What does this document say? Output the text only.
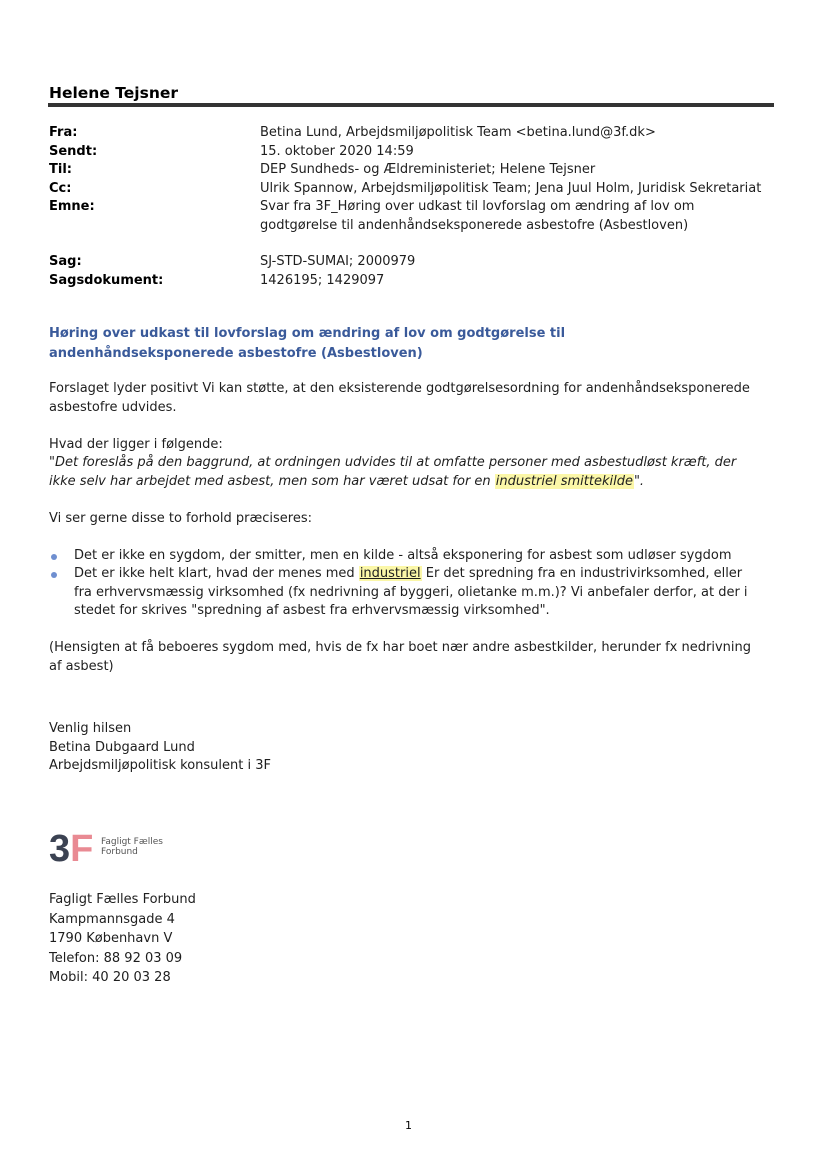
Helene Tejsner
Fra:	Betina Lund, Arbejdsmiljøpolitisk Team <betina.lund@3f.dk>
Sendt:	15. oktober 2020 14:59
Til:	DEP Sundheds- og Ældreministeriet; Helene Tejsner
Cc:	Ulrik Spannow, Arbejdsmiljøpolitisk Team; Jena Juul Holm, Juridisk Sekretariat
Emne:	Svar fra 3F_Høring over udkast til lovforslag om ændring af lov om godtgørelse til andenhåndseksponerede asbestofre (Asbestloven)
Sag:	SJ-STD-SUMAI; 2000979
Sagsdokument:	1426195; 1429097
Høring over udkast til lovforslag om ændring af lov om godtgørelse til andenhåndseksponerede asbestofre (Asbestloven)

Forslaget lyder positivt Vi kan støtte, at den eksisterende godtgørelsesordning for andenhåndseksponerede asbestofre udvides.

Hvad der ligger i følgende:
"Det foreslås på den baggrund, at ordningen udvides til at omfatte personer med asbestudløst kræft, der ikke selv har arbejdet med asbest, men som har været udsat for en industriel smittekilde".

Vi ser gerne disse to forhold præciseres:

Det er ikke en sygdom, der smitter, men en kilde - altså eksponering for asbest som udløser sygdom
Det er ikke helt klart, hvad der menes med industriel Er det spredning fra en industrivirksomhed, eller fra erhvervsmæssig virksomhed (fx nedrivning af byggeri, olietanke m.m.)? Vi anbefaler derfor, at der i stedet for skrives "spredning af asbest fra erhvervsmæssig virksomhed".

(Hensigten at få beboeres sygdom med, hvis de fx har boet nær andre asbestkilder, herunder fx nedrivning af asbest)

Venlig hilsen
Betina Dubgaard Lund
Arbejdsmiljøpolitisk konsulent i 3F
3F Fagligt Fælles
Forbund
Fagligt Fælles Forbund
Kampmannsgade 4
1790 København V
Telefon: 88 92 03 09
Mobil: 40 20 03 28
1
